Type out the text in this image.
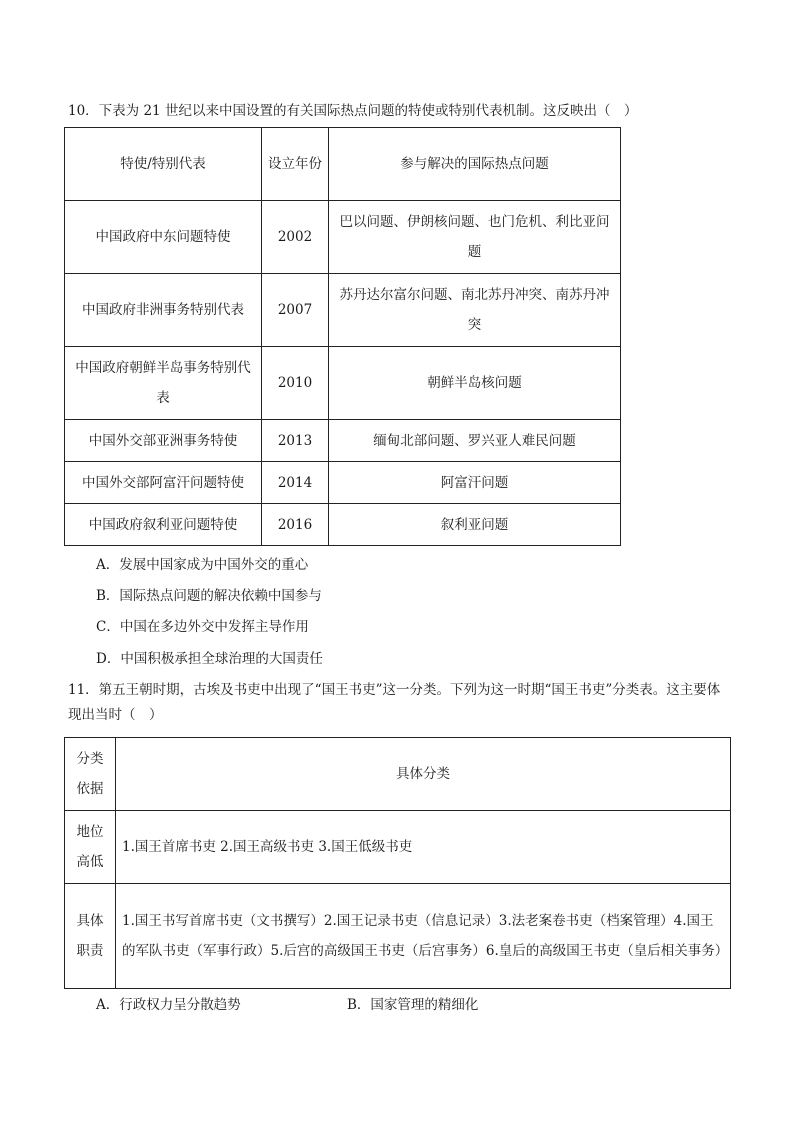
10．下表为 21 世纪以来中国设置的有关国际热点问题的特使或特别代表机制。这反映出（　）
特使/特别代表	设立年份	参与解决的国际热点问题
中国政府中东问题特使	2002	巴以问题、伊朗核问题、也门危机、利比亚问题
中国政府非洲事务特别代表	2007	苏丹达尔富尔问题、南北苏丹冲突、南苏丹冲突
中国政府朝鲜半岛事务特别代表	2010	朝鲜半岛核问题
中国外交部亚洲事务特使	2013	缅甸北部问题、罗兴亚人难民问题
中国外交部阿富汗问题特使	2014	阿富汗问题
中国政府叙利亚问题特使	2016	叙利亚问题
A．发展中国家成为中国外交的重心
B．国际热点问题的解决依赖中国参与
C．中国在多边外交中发挥主导作用
D．中国积极承担全球治理的大国责任
11．第五王朝时期，古埃及书吏中出现了“国王书吏”这一分类。下列为这一时期“国王书吏”分类表。这主要体现出当时（　）
分类依据	具体分类
地位高低	1.国王首席书吏 2.国王高级书吏 3.国王低级书吏
具体职责	1.国王书写首席书吏（文书撰写）2.国王记录书吏（信息记录）3.法老案卷书吏（档案管理）4.国王的军队书吏（军事行政）5.后宫的高级国王书吏（后宫事务）6.皇后的高级国王书吏（皇后相关事务）
A．行政权力呈分散趋势	B．国家管理的精细化
